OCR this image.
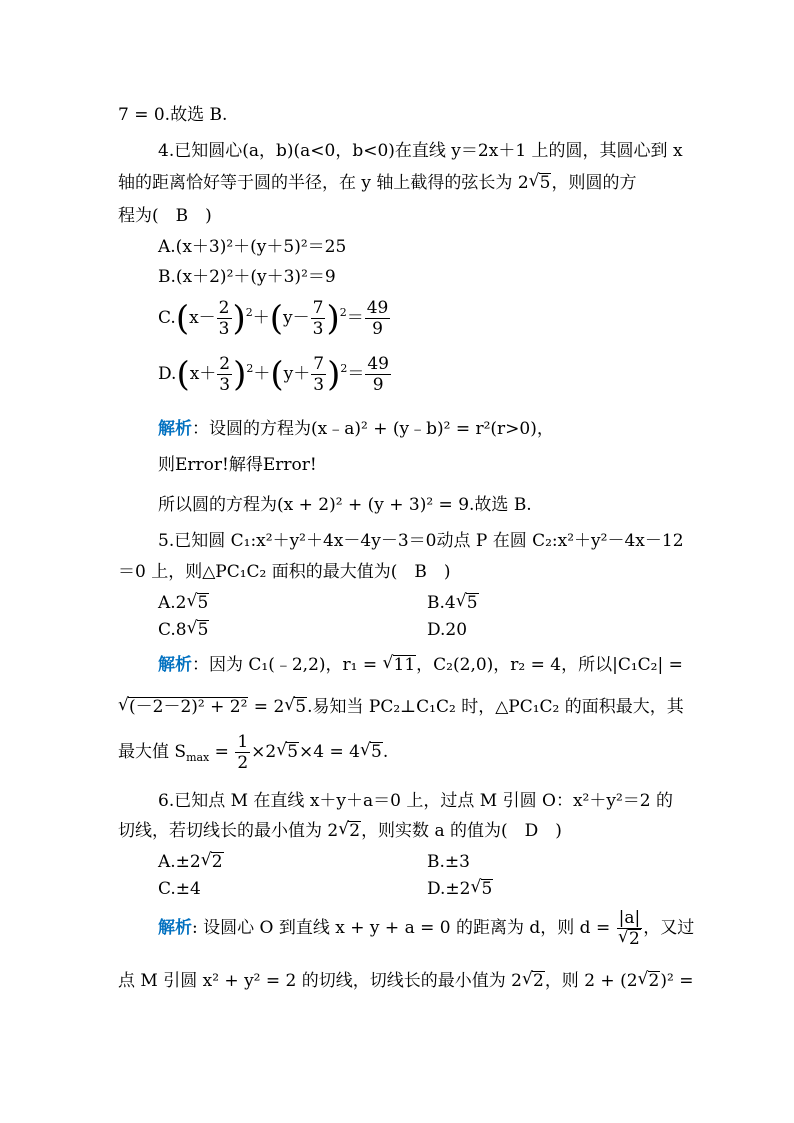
7 = 0.故选 B.
4.已知圆心(a，b)(a<0，b<0)在直线 y＝2x＋1 上的圆，其圆心到 x
轴的距离恰好等于圆的半径，在 y 轴上截得的弦长为 2√ 5，则圆的方
程为(　B　)
A.(x＋3)²＋(y＋5)²＝25
B.(x＋2)²＋(y＋3)²＝9
$C.(x- \frac{2}{3} )^2+(y- \frac{7}{3} )^2= \frac{49}{9}$
$D.(x+ \frac{2}{3} )^2+(y+ \frac{7}{3} )^2= \frac{49}{9}$
解析：设圆的方程为(x﹣a)² + (y﹣b)² = r²(r>0)，
则Error!解得Error!
所以圆的方程为(x + 2)² + (y + 3)² = 9.故选 B.
5.已知圆 C₁:x²＋y²＋4x－4y－3＝0动点 P 在圆 C₂:x²＋y²－4x－12
＝0 上，则△PC₁C₂ 面积的最大值为(　B　)
A.2√ 5	B.4√ 5
C.8√ 5	D.20
解析：因为 C₁(﹣2,2)，r₁ = √ 11，C₂(2,0)，r₂ = 4，所以|C₁C₂| =
√ (－2－2)² + 2² = 2√ 5.易知当 PC₂⊥C₁C₂ 时，△PC₁C₂ 的面积最大，其
最大值 $S_{max} = \frac{1}{2} \times 2√$ 5×4 = 4√ 5.
6.已知点 M 在直线 x＋y＋a＝0 上，过点 M 引圆 O：x²＋y²＝2 的
切线，若切线长的最小值为 2√ 2，则实数 a 的值为(　D　)
A.±2√ 2	B.±3
C.±4	D.±2√ 5
解析: 设圆心 O 到直线 x + y + a = 0 的距离为 d，则 d = |a|
√ 2 ，又过
点 M 引圆 x² + y² = 2 的切线，切线长的最小值为 2√ 2，则 2 + (2√ 2)² =
